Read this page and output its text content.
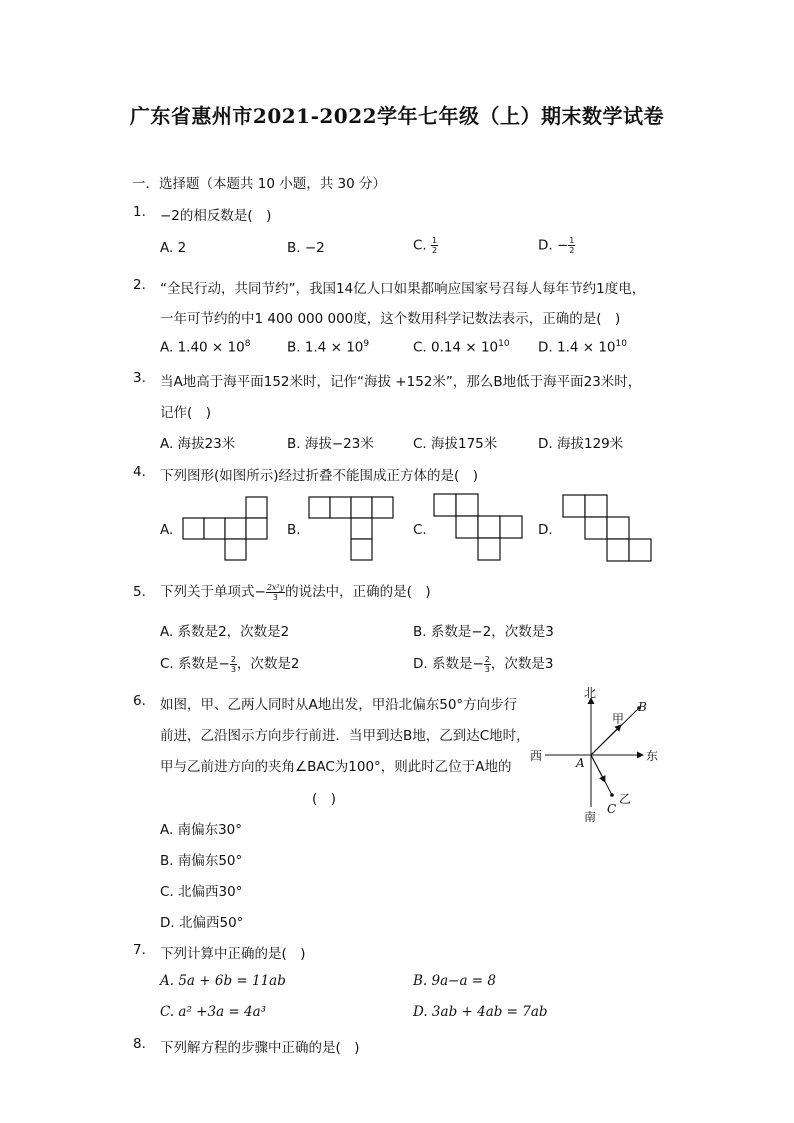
广东省惠州市2021-2022学年七年级（上）期末数学试卷
一．选择题（本题共 10 小题，共 30 分）
1. −2的相反数是(　)
A. 2	B. −2	C. $\frac{1}{2}$	D. − $\frac{1}{2}$
2. “全民行动，共同节约”，我国14亿人口如果都响应国家号召每人每年节约1度电，
一年可节约的中1 400 000 000度，这个数用科学记数法表示，正确的是(　)
A. $1.40 \times 10^8$	B. $1.4 \times 10^9$	C. $0.14 \times 10^{10}$ D. $1.4 \times 10^{10}$
3. 当A地高于海平面152米时，记作“海拔 +152米”，那么B地低于海平面23米时，
记作(　)
A. 海拔23米	B. 海拔−23米	C. 海拔175米	D. 海拔129米
4. 下列图形(如图所示)经过折叠不能围成正方体的是(　)
A.	B.	C.	D.
5. 下列关于单项式− $\frac{\text{2x²y}}{3}$ 的说法中，正确的是(　)
A. 系数是2，次数是2	B. 系数是−2，次数是3
C. 系数是− $\frac{2}{3}$ ，次数是2	D. 系数是− $\frac{2}{3}$ ，次数是3
6. 如图，甲、乙两人同时从A地出发，甲沿北偏东50°方向步行
前进，乙沿图示方向步行前进．当甲到达B地，乙到达C地时，
甲与乙前进方向的夹角∠BAC为100°，则此时乙位于A地的
(　)
A. 南偏东30°
B. 南偏东50°
C. 北偏西30°
D. 北偏西50°
北
南
东
西	A
B
C
甲
乙
7. 下列计算中正确的是(　)
A. 5a + 6b = 11ab	B. 9a−a = 8
C. a² +3a = 4a³	D. 3ab + 4ab = 7ab
8. 下列解方程的步骤中正确的是(　)
